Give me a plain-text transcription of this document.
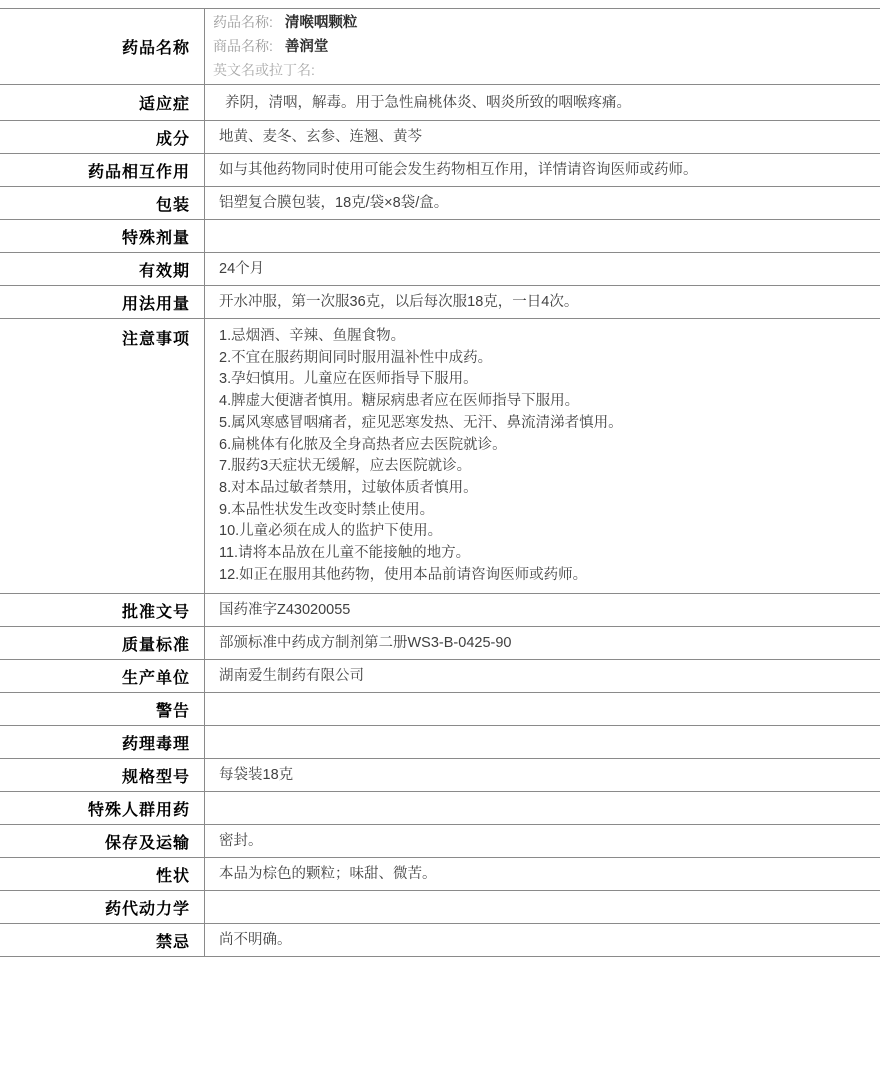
药品名称
药品名称: 清喉咽颗粒
商品名称: 善润堂
英文名或拉丁名:
适应症	养阴，清咽，解毒。用于急性扁桃体炎、咽炎所致的咽喉疼痛。
成分	地黄、麦冬、玄参、连翘、黄芩
药品相互作用	如与其他药物同时使用可能会发生药物相互作用，详情请咨询医师或药师。
包装	铝塑复合膜包装，18克/袋×8袋/盒。
特殊剂量
有效期	24个月
用法用量	开水冲服，第一次服36克，以后每次服18克，一日4次。
注意事项	1.忌烟酒、辛辣、鱼腥食物。
2.不宜在服药期间同时服用温补性中成药。
3.孕妇慎用。儿童应在医师指导下服用。
4.脾虚大便溏者慎用。糖尿病患者应在医师指导下服用。
5.属风寒感冒咽痛者，症见恶寒发热、无汗、鼻流清涕者慎用。
6.扁桃体有化脓及全身高热者应去医院就诊。
7.服药3天症状无缓解，应去医院就诊。
8.对本品过敏者禁用，过敏体质者慎用。
9.本品性状发生改变时禁止使用。
10.儿童必须在成人的监护下使用。
11.请将本品放在儿童不能接触的地方。
12.如正在服用其他药物，使用本品前请咨询医师或药师。
批准文号	国药准字Z43020055
质量标准	部颁标准中药成方制剂第二册WS3-B-0425-90
生产单位	湖南爱生制药有限公司
警告
药理毒理
规格型号	每袋装18克
特殊人群用药
保存及运输	密封。
性状	本品为棕色的颗粒；味甜、微苦。
药代动力学
禁忌	尚不明确。
